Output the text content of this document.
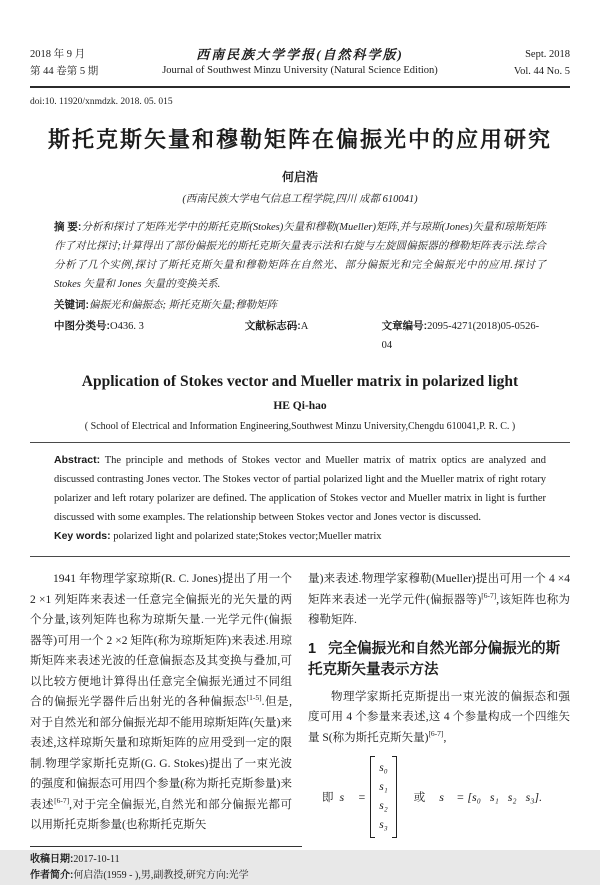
2018 年 9 月
第 44 卷第 5 期
西南民族大学学报(自然科学版)
Journal of Southwest Minzu University (Natural Science Edition)
Sept. 2018
Vol. 44 No. 5
doi:10. 11920/xnmdzk. 2018. 05. 015
斯托克斯矢量和穆勒矩阵在偏振光中的应用研究
何启浩
(西南民族大学电气信息工程学院,四川 成都 610041)
摘 要:分析和探讨了矩阵光学中的斯托克斯(Stokes)矢量和穆勒(Mueller)矩阵,并与琼斯(Jones)矢量和琼斯矩阵作了对比探讨;计算得出了部份偏振光的斯托克斯矢量表示法和右旋与左旋圆偏振器的穆勒矩阵表示法.综合分析了几个实例,探讨了斯托克斯矢量和穆勒矩阵在自然光、部分偏振光和完全偏振光中的应用.探讨了 Stokes 矢量和 Jones 矢量的变换关系.
关键词:偏振光和偏振态; 斯托克斯矢量;穆勒矩阵
中图分类号:O436. 3	文献标志码:A	文章编号:2095-4271(2018)05-0526-04
Application of Stokes vector and Mueller matrix in polarized light
HE Qi-hao
( School of Electrical and Information Engineering,Southwest Minzu University,Chengdu 610041,P. R. C. )
Abstract: The principle and methods of Stokes vector and Mueller matrix of matrix optics are analyzed and discussed contrasting Jones vector. The Stokes vector of partial polarized light and the Mueller matrix of right rotary polarizer and left rotary polarizer are defined. The application of Stokes vector and Mueller matrix in light is further discussed with some examples. The relationship between Stokes vector and Jones vector is discussed.
Key words: polarized light and polarized state;Stokes vector;Mueller matrix

1941 年物理学家琼斯(R. C. Jones)提出了用一个 2 ×1 列矩阵来表述一任意完全偏振光的光矢量的两个分量,该列矩阵也称为琼斯矢量.一光学元件(偏振器等)可用一个 2 ×2 矩阵(称为琼斯矩阵)来表述.用琼斯矩阵来表述光波的任意偏振态及其变换与叠加,可以比较方便地计算得出任意完全偏振光通过不同组合的偏振光学器件后出射光的各种偏振态[1-5].但是,对于自然光和部分偏振光却不能用琼斯矩阵(矢量)来表述,这样琼斯矢量和琼斯矩阵的应用受到一定的限制.物理学家斯托克斯(G. G. Stokes)提出了一束光波的强度和偏振态可用四个参量(称为斯托克斯参量)来表述[6-7],对于完全偏振光,自然光和部分偏振光都可以用斯托克斯参量(也称斯托克斯矢

收稿日期:2017-10-11
作者简介:何启浩(1959 - ),男,副教授,研究方向:光学

量)来表述.物理学家穆勒(Mueller)提出可用一个 4 ×4 矩阵来表述一光学元件(偏振器等)[6-7],该矩阵也称为穆勒矩阵.

1 完全偏振光和自然光部分偏振光的斯托克斯矢量表示方法

物理学家斯托克斯提出一束光波的偏振态和强度可用 4 个参量来表述,这 4 个参量构成一个四维矢量 S(称为斯托克斯矢量)[6-7],

即 s⃗ =
s₀
s₁
s₂
s₃
或 s⃗ = [s₀   s₁   s₂   s₃].
